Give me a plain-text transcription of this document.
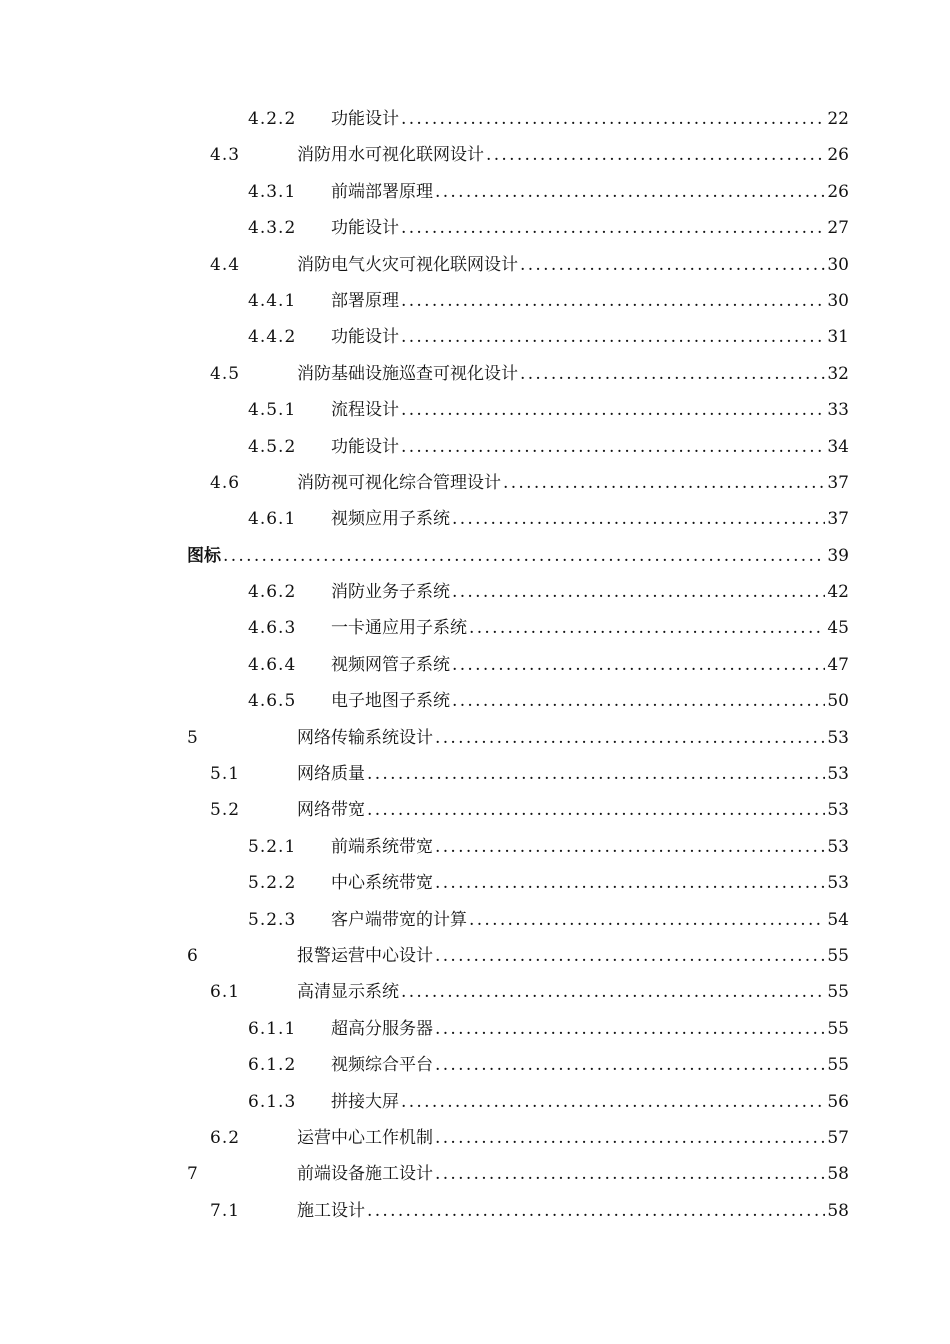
4.2.2 功能设计 .....	22
4.3	消防用水可视化联网设计 .....	26
4.3.1 前端部署原理 .....	26
4.3.2 功能设计 .....	27
4.4	消防电气火灾可视化联网设计 .....	30
4.4.1 部署原理 .....	30
4.4.2 功能设计 .....	31
4.5	消防基础设施巡查可视化设计 .....	32
4.5.1 流程设计 .....	33
4.5.2 功能设计 .....	34
4.6	消防视可视化综合管理设计 .....	37
4.6.1 视频应用子系统 .....	37
图标 .....	39
4.6.2 消防业务子系统 .....	42
4.6.3 一卡通应用子系统 .....	45
4.6.4 视频网管子系统 .....	47
4.6.5 电子地图子系统 .....	50
5	网络传输系统设计 .....	53
5.1	网络质量 .....	53
5.2	网络带宽 .....	53
5.2.1 前端系统带宽 .....	53
5.2.2 中心系统带宽 .....	53
5.2.3 客户端带宽的计算 .....	54
6	报警运营中心设计 .....	55
6.1	高清显示系统 .....	55
6.1.1 超高分服务器 .....	55
6.1.2 视频综合平台 .....	55
6.1.3 拼接大屏 .....	56
6.2	运营中心工作机制 .....	57
7	前端设备施工设计 .....	58
7.1	施工设计 .....	58
